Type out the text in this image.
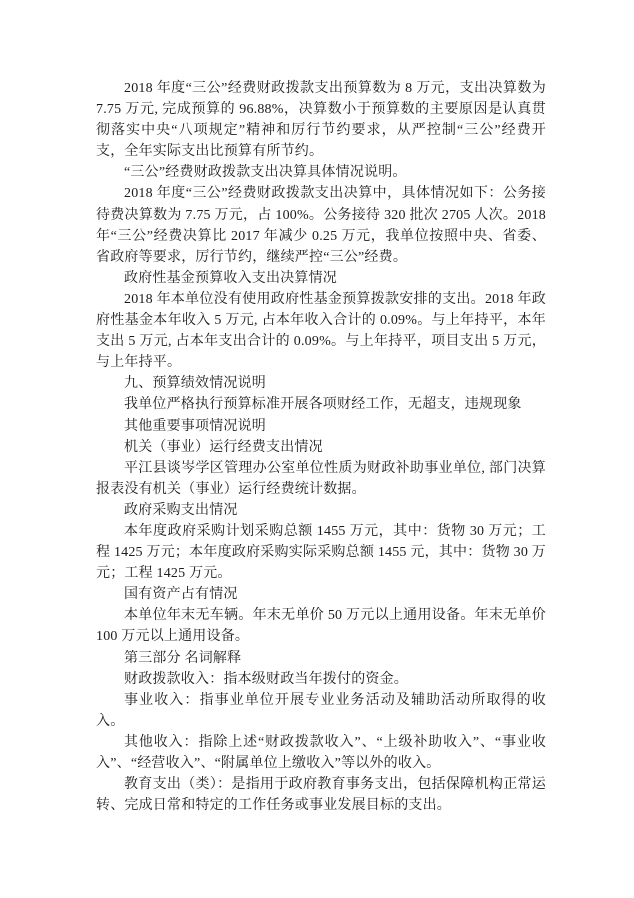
2018 年度“三公”经费财政拨款支出预算数为 8 万元，支出决算数为 7.75 万元, 完成预算的 96.88%，决算数小于预算数的主要原因是认真贯彻落实中央“八项规定”精神和厉行节约要求，从严控制“三公”经费开支，全年实际支出比预算有所节约。

“三公”经费财政拨款支出决算具体情况说明。

2018 年度“三公”经费财政拨款支出决算中，具体情况如下：公务接待费决算数为 7.75 万元，占 100%。公务接待 320 批次 2705 人次。2018 年“三公”经费决算比 2017 年减少 0.25 万元，我单位按照中央、省委、省政府等要求，厉行节约，继续严控“三公”经费。

政府性基金预算收入支出决算情况

2018 年本单位没有使用政府性基金预算拨款安排的支出。2018 年政府性基金本年收入 5 万元, 占本年收入合计的 0.09%。与上年持平，本年支出 5 万元, 占本年支出合计的 0.09%。与上年持平，项目支出 5 万元，与上年持平。

九、预算绩效情况说明

我单位严格执行预算标准开展各项财经工作，无超支，违规现象

其他重要事项情况说明

机关（事业）运行经费支出情况

平江县谈岑学区管理办公室单位性质为财政补助事业单位, 部门决算报表没有机关（事业）运行经费统计数据。

政府采购支出情况

本年度政府采购计划采购总额 1455 万元，其中：货物 30 万元；工程 1425 万元；本年度政府采购实际采购总额 1455 元，其中：货物 30 万元；工程 1425 万元。

国有资产占有情况

本单位年末无车辆。年末无单价 50 万元以上通用设备。年末无单价 100 万元以上通用设备。

第三部分 名词解释

财政拨款收入：指本级财政当年拨付的资金。

事业收入：指事业单位开展专业业务活动及辅助活动所取得的收入。

其他收入：指除上述“财政拨款收入”、“上级补助收入”、“事业收入”、“经营收入”、“附属单位上缴收入”等以外的收入。

教育支出（类）：是指用于政府教育事务支出，包括保障机构正常运转、完成日常和特定的工作任务或事业发展目标的支出。
